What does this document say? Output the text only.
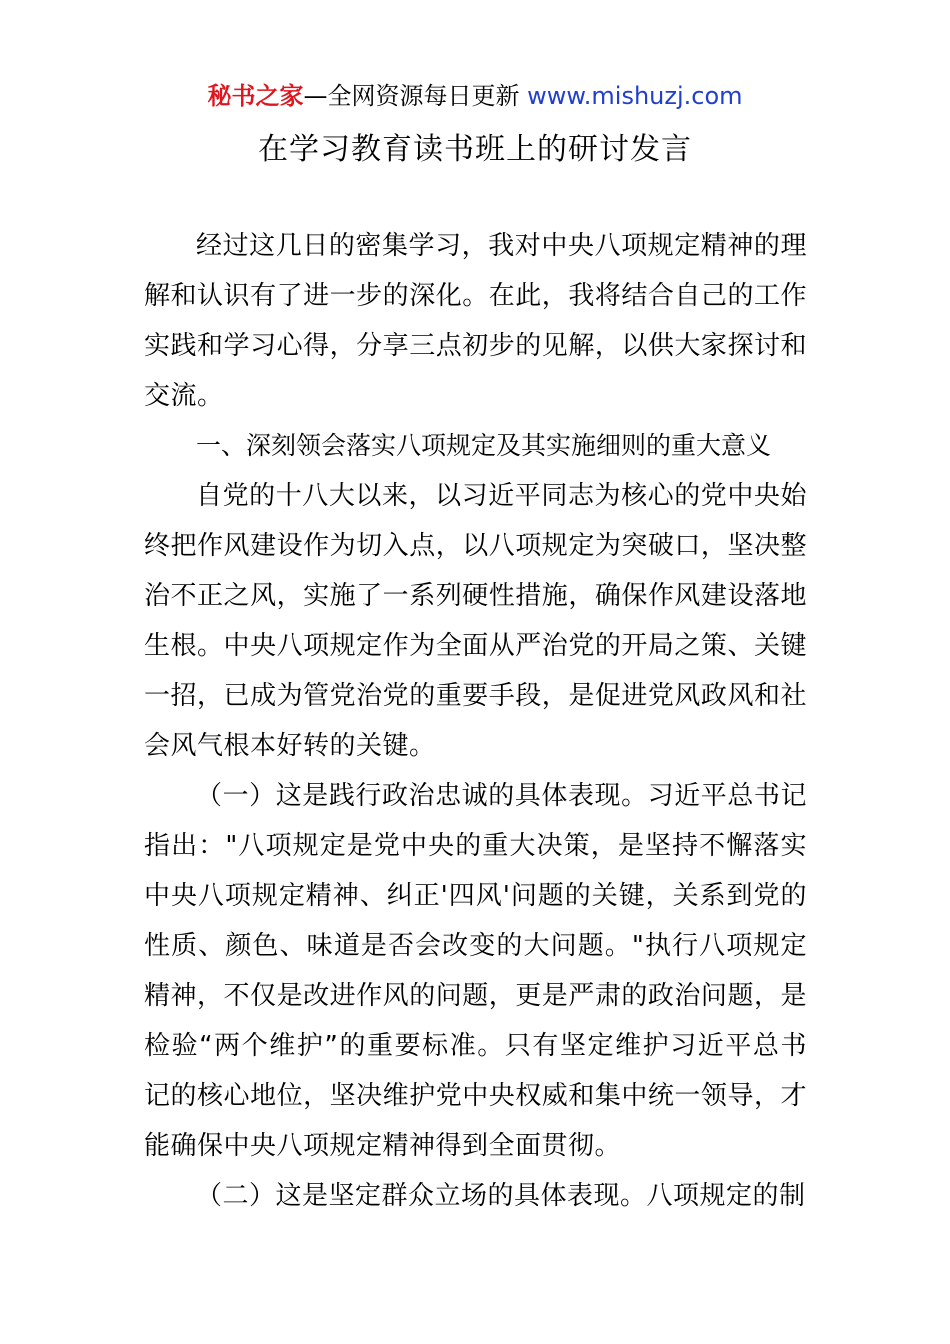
秘书之家—全网资源每日更新 www.mishuzj.com
在学习教育读书班上的研讨发言

经过这几日的密集学习，我对中央八项规定精神的理解和认识有了进一步的深化。在此，我将结合自己的工作实践和学习心得，分享三点初步的见解，以供大家探讨和交流。

一、深刻领会落实八项规定及其实施细则的重大意义

自党的十八大以来，以习近平同志为核心的党中央始终把作风建设作为切入点，以八项规定为突破口，坚决整治不正之风，实施了一系列硬性措施，确保作风建设落地生根。中央八项规定作为全面从严治党的开局之策、关键一招，已成为管党治党的重要手段，是促进党风政风和社会风气根本好转的关键。

（一）这是践行政治忠诚的具体表现。习近平总书记指出："八项规定是党中央的重大决策，是坚持不懈落实中央八项规定精神、纠正'四风'问题的关键，关系到党的性质、颜色、味道是否会改变的大问题。"执行八项规定精神，不仅是改进作风的问题，更是严肃的政治问题，是检验“两个维护”的重要标准。只有坚定维护习近平总书记的核心地位，坚决维护党中央权威和集中统一领导，才能确保中央八项规定精神得到全面贯彻。

（二）这是坚定群众立场的具体表现。八项规定的制
